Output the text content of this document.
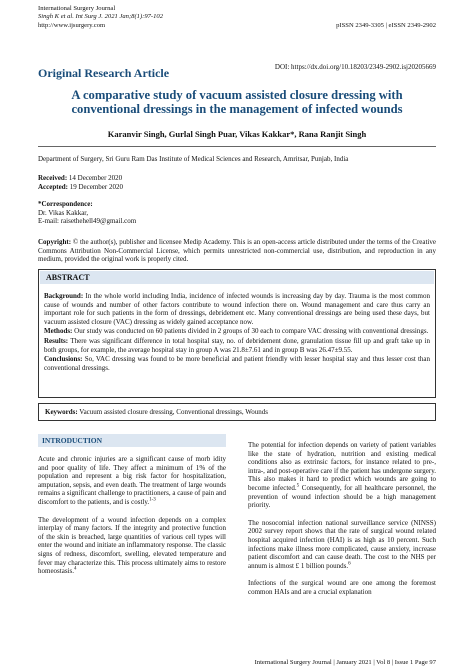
International Surgery Journal
Singh K et al. Int Surg J. 2021 Jan;8(1):97-102
http://www.ijsurgery.com	pISSN 2349-3305 | eISSN 2349-2902
Original Research Article	DOI: https://dx.doi.org/10.18203/2349-2902.isj20205669
A comparative study of vacuum assisted closure dressing with
conventional dressings in the management of infected wounds
Karanvir Singh, Gurlal Singh Puar, Vikas Kakkar*, Rana Ranjit Singh
Department of Surgery, Sri Guru Ram Das Institute of Medical Sciences and Research, Amritsar, Punjab, India
Received: 14 December 2020
Accepted: 19 December 2020
*Correspondence:
Dr. Vikas Kakkar,
E-mail: raisethehell49@gmail.com
Copyright: © the author(s), publisher and licensee Medip Academy. This is an open-access article distributed under the terms of the Creative Commons Attribution Non-Commercial License, which permits unrestricted non-commercial use, distribution, and reproduction in any medium, provided the original work is properly cited.
ABSTRACT
Background: In the whole world including India, incidence of infected wounds is increasing day by day. Trauma is the most common cause of wounds and number of other factors contribute to wound infection there on. Wound management and care thus carry an important role for such patients in the form of dressings, debridement etc. Many conventional dressings are being used these days, but vacuum assisted closure (VAC) dressing as widely gained acceptance now.
Methods: Our study was conducted on 60 patients divided in 2 groups of 30 each to compare VAC dressing with conventional dressings.
Results: There was significant difference in total hospital stay, no. of debridement done, granulation tissue fill up and graft take up in both groups, for example, the average hospital stay in group A was 21.8±7.61 and in group B was 26.47±9.55.
Conclusions: So, VAC dressing was found to be more beneficial and patient friendly with lesser hospital stay and thus lesser cost than conventional dressings.
Keywords: Vacuum assisted closure dressing, Conventional dressings, Wounds
INTRODUCTION

Acute and chronic injuries are a significant cause of morb idity and poor quality of life. They affect a minimum of 1% of the population and represent a big risk factor for hospitalization, amputation, sepsis, and even death. The treatment of large wounds remains a significant challenge to practitioners, a cause of pain and discomfort to the patients, and is costly.$^{1-3}$

The development of a wound infection depends on a complex interplay of many factors. If the integrity and protective function of the skin is breached, large quantities of various cell types will enter the wound and initiate an inflammatory response. The classic signs of redness, discomfort, swelling, elevated temperature and fever may characterize this. This process ultimately aims to restore homeostasis.$^4$

The potential for infection depends on variety of patient variables like the state of hydration, nutrition and existing medical conditions also as extrinsic factors, for instance related to pre-, intra-, and post-operative care if the patient has undergone surgery. This also makes it hard to predict which wounds are going to become infected.$^5$ Consequently, for all healthcare personnel, the prevention of wound infection should be a high management priority.

The nosocomial infection national surveillance service (NINSS) 2002 survey report shows that the rate of surgical wound related hospital acquired infection (HAI) is as high as 10 percent. Such infections make illness more complicated, cause anxiety, increase patient discomfort and can cause death. The cost to the NHS per annum is almost £ 1 billion pounds.$^6$

Infections of the surgical wound are one among the foremost common HAIs and are a crucial explanation

International Surgery Journal | January 2021 | Vol 8 | Issue 1 Page 97
